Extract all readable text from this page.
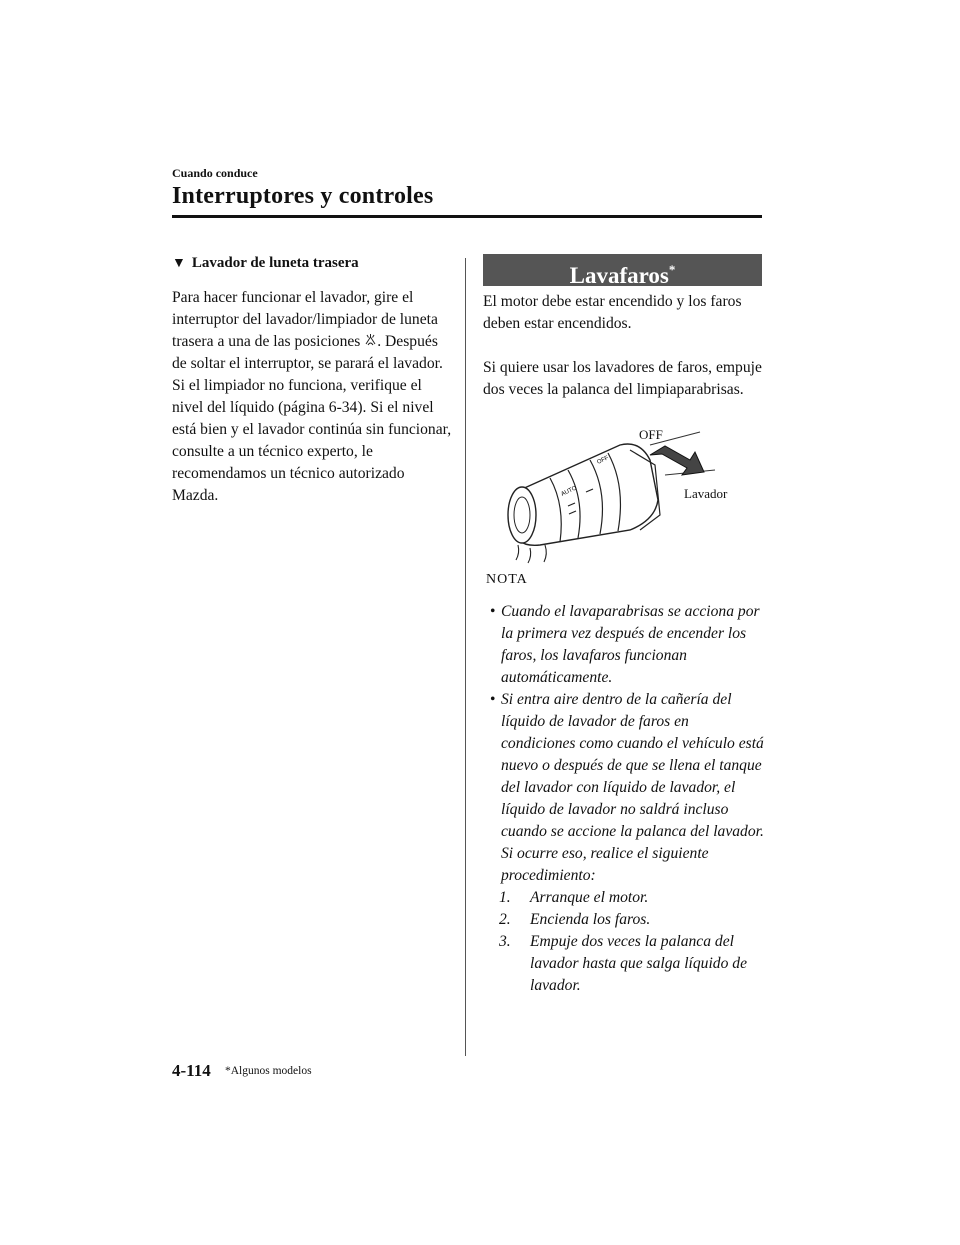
Cuando conduce
Interruptores y controles
▼ Lavador de luneta trasera

Para hacer funcionar el lavador, gire el interruptor del lavador/limpiador de luneta trasera a una de las posiciones . Después de soltar el interruptor, se parará el lavador.

Si el limpiador no funciona, verifique el nivel del líquido (página 6-34). Si el nivel está bien y el lavador continúa sin funcionar, consulte a un técnico experto, le recomendamos un técnico autorizado Mazda.

Lavafaros*

El motor debe estar encendido y los faros deben estar encendidos.

Si quiere usar los lavadores de faros, empuje dos veces la palanca del limpiaparabrisas.

OFF
AUTO
OFF
Lavador
NOTA

• Cuando el lavaparabrisas se acciona por la primera vez después de encender los faros, los lavafaros funcionan automáticamente.

• Si entra aire dentro de la cañería del líquido de lavador de faros en condiciones como cuando el vehículo está nuevo o después de que se llena el tanque del lavador con líquido de lavador, el líquido de lavador no saldrá incluso cuando se accione la palanca del lavador. Si ocurre eso, realice el siguiente procedimiento:

1. Arranque el motor.

2. Encienda los faros.

3. Empuje dos veces la palanca del lavador hasta que salga líquido de lavador.

4-114 *Algunos modelos
